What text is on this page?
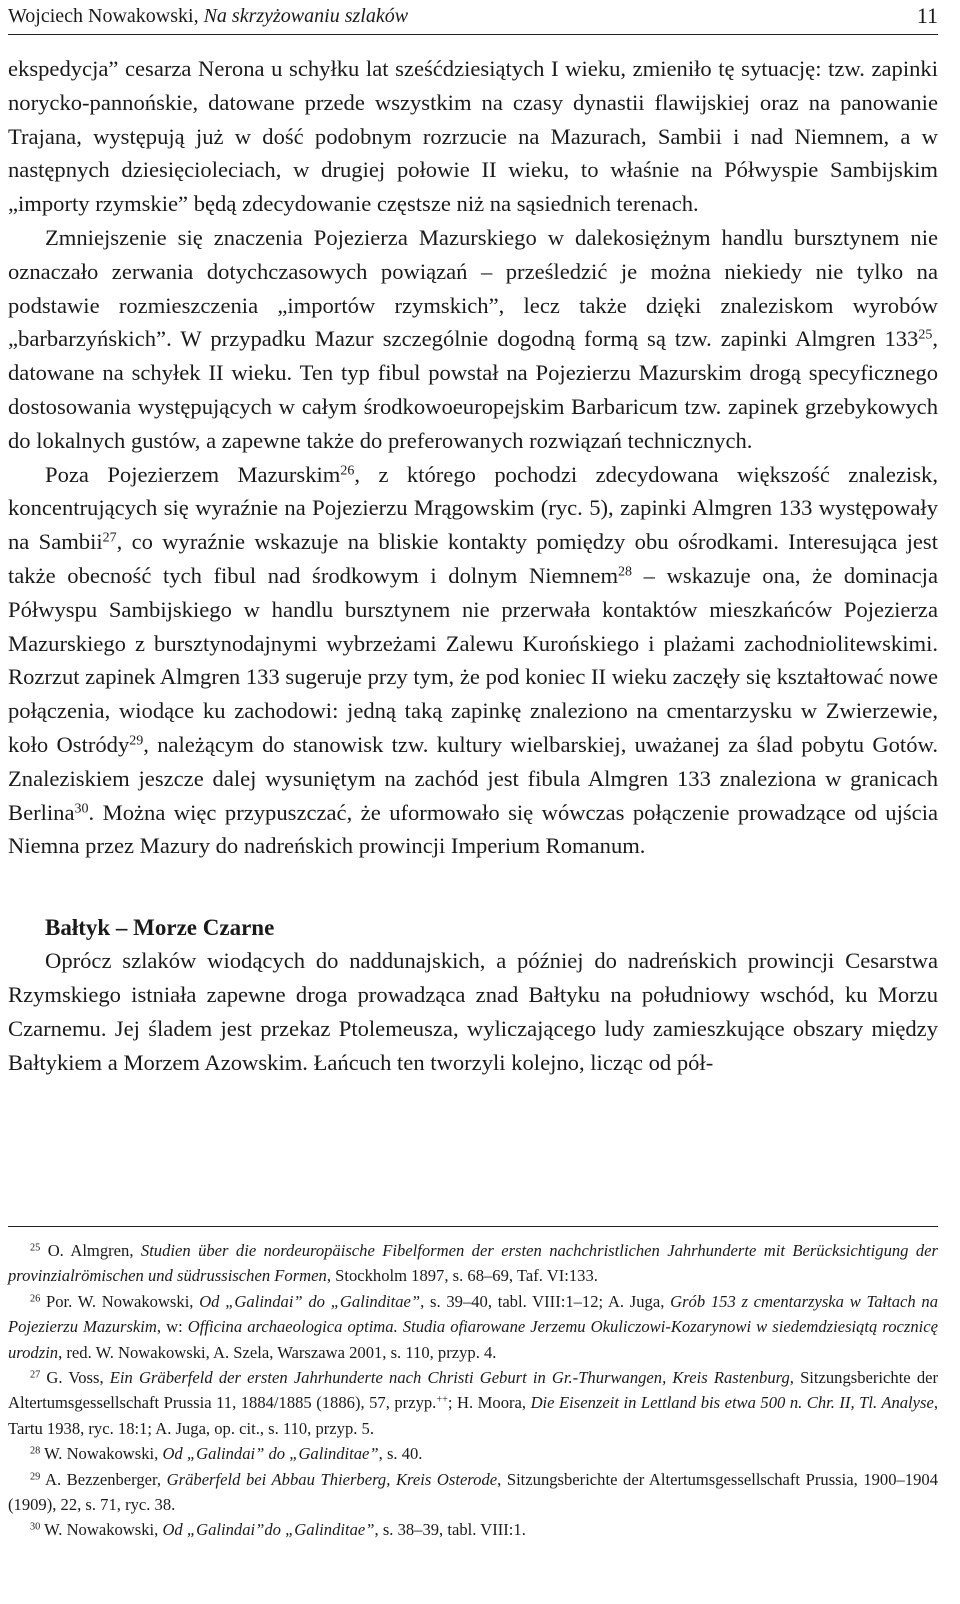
Wojciech Nowakowski, Na skrzyżowaniu szlaków	11

ekspedycja” cesarza Nerona u schyłku lat sześćdziesiątych I wieku, zmieniło tę sytuację: tzw. zapinki norycko-pannońskie, datowane przede wszystkim na czasy dynastii flawijskiej oraz na panowanie Trajana, występują już w dość podobnym rozrzucie na Mazurach, Sambii i nad Niemnem, a w następnych dziesięcioleciach, w drugiej połowie II wieku, to właśnie na Półwyspie Sambijskim „importy rzymskie” będą zdecydowanie częstsze niż na sąsiednich terenach.

Zmniejszenie się znaczenia Pojezierza Mazurskiego w dalekosiężnym handlu bursztynem nie oznaczało zerwania dotychczasowych powiązań – prześledzić je można niekiedy nie tylko na podstawie rozmieszczenia „importów rzymskich”, lecz także dzięki znaleziskom wyrobów „barbarzyńskich”. W przypadku Mazur szczególnie dogodną formą są tzw. zapinki Almgren $133^{25}$, datowane na schyłek II wieku. Ten typ fibul powstał na Pojezierzu Mazurskim drogą specyficznego dostosowania występujących w całym środkowoeuropejskim Barbaricum tzw. zapinek grzebykowych do lokalnych gustów, a zapewne także do preferowanych rozwiązań technicznych.

Poza Pojezierzem Mazurskim$^{26}$, z którego pochodzi zdecydowana większość znalezisk, koncentrujących się wyraźnie na Pojezierzu Mrągowskim (ryc. 5), zapinki Almgren 133 występowały na Sambii$^{27}$, co wyraźnie wskazuje na bliskie kontakty pomiędzy obu ośrodkami. Interesująca jest także obecność tych fibul nad środkowym i dolnym Niemnem$^{28}$ – wskazuje ona, że dominacja Półwyspu Sambijskiego w handlu bursztynem nie przerwała kontaktów mieszkańców Pojezierza Mazurskiego z bursztynodajnymi wybrzeżami Zalewu Kurońskiego i plażami zachodniolitewskimi. Rozrzut zapinek Almgren 133 sugeruje przy tym, że pod koniec II wieku zaczęły się kształtować nowe połączenia, wiodące ku zachodowi: jedną taką zapinkę znaleziono na cmentarzysku w Zwierzewie, koło Ostródy$^{29}$, należącym do stanowisk tzw. kultury wielbarskiej, uważanej za ślad pobytu Gotów. Znaleziskiem jeszcze dalej wysuniętym na zachód jest fibula Almgren 133 znaleziona w granicach Berlina$^{30}$. Można więc przypuszczać, że uformowało się wówczas połączenie prowadzące od ujścia Niemna przez Mazury do nadreńskich prowincji Imperium Romanum.

Bałtyk – Morze Czarne

Oprócz szlaków wiodących do naddunajskich, a później do nadreńskich prowincji Cesarstwa Rzymskiego istniała zapewne droga prowadząca znad Bałtyku na południowy wschód, ku Morzu Czarnemu. Jej śladem jest przekaz Ptolemeusza, wyliczającego ludy zamieszkujące obszary między Bałtykiem a Morzem Azowskim. Łańcuch ten tworzyli kolejno, licząc od pół-

$^{25}$ O. Almgren, Studien über die nordeuropäische Fibelformen der ersten nachchristlichen Jahrhunderte mit Berücksichtigung der provinzialrömischen und südrussischen Formen, Stockholm 1897, s. 68–69, Taf. VI:133.

$^{26}$ Por. W. Nowakowski, Od „Galindai” do „Galinditae”, s. 39–40, tabl. VIII:1–12; A. Juga, Grób 153 z cmentarzyska w Tałtach na Pojezierzu Mazurskim, w: Officina archaeologica optima. Studia ofiarowane Jerzemu Okuliczowi-Kozarynowi w siedemdziesiątą rocznicę urodzin, red. W. Nowakowski, A. Szela, Warszawa 2001, s. 110, przyp. 4.

$^{27}$ G. Voss, Ein Gräberfeld der ersten Jahrhunderte nach Christi Geburt in Gr.-Thurwangen, Kreis Rastenburg, Sitzungsberichte der Altertumsgessellschaft Prussia 11, 1884/1885 (1886), 57, przyp.++; H. Moora, Die Eisenzeit in Lettland bis etwa 500 n. Chr. II, Tl. Analyse, Tartu 1938, ryc. 18:1; A. Juga, op. cit., s. 110, przyp. 5.

$^{28}$ W. Nowakowski, Od „Galindai” do „Galinditae”, s. 40.

$^{29}$ A. Bezzenberger, Gräberfeld bei Abbau Thierberg, Kreis Osterode, Sitzungsberichte der Altertumsgessellschaft Prussia, 1900–1904 (1909), 22, s. 71, ryc. 38.

$^{30}$ W. Nowakowski, Od „Galindai”do „Galinditae”, s. 38–39, tabl. VIII:1.
